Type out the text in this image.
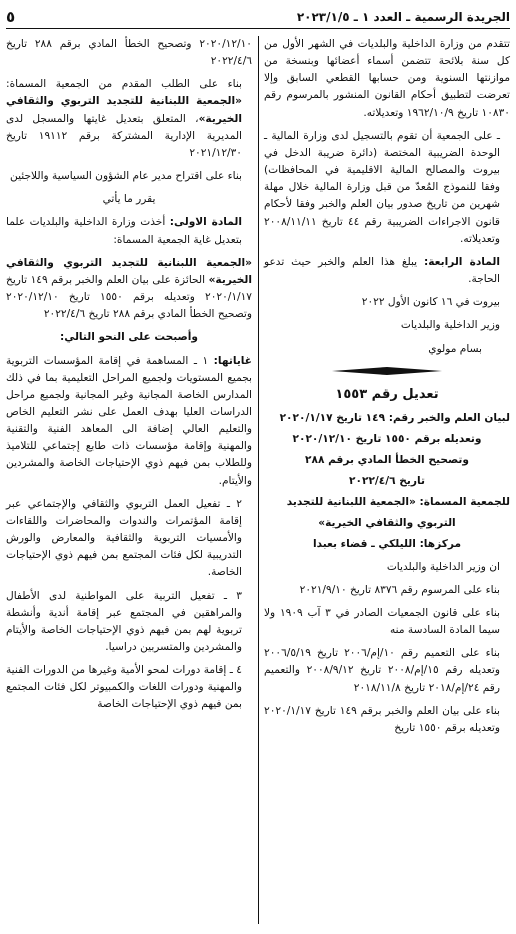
الجريدة الرسمية ـ العدد ١ ـ ٢٠٢٣/١/٥
٥

تتقدم من وزارة الداخلية والبلديات في الشهر الأول من كل سنة بلائحة تتضمن أسماء أعضائها وبنسخة من موازنتها السنوية ومن حسابها القطعي السابق وإلا تعرضت لتطبيق أحكام القانون المنشور بالمرسوم رقم ١٠٨٣٠ تاريخ ١٩٦٢/١٠/٩ وتعديلاته.

ـ على الجمعية أن تقوم بالتسجيل لدى وزارة المالية ـ الوحدة الضريبية المختصة (دائرة ضريبة الدخل في بيروت والمصالح المالية الاقليمية في المحافظات) وفقا للنموذج المُعدّ من قبل وزارة المالية خلال مهلة شهرين من تاريخ صدور بيان العلم والخبر وفقا لأحكام قانون الاجراءات الضريبية رقم ٤٤ تاريخ ٢٠٠٨/١١/١١ وتعديلاته.

المادة الرابعة: يبلغ هذا العلم والخبر حيث تدعو الحاجة.

بيروت في ١٦ كانون الأول ٢٠٢٢

وزير الداخلية والبلديات

بسام مولوي

تعديل رقم ١٥٥٣

لبيان العلم والخبر رقم: ١٤٩ تاريخ ٢٠٢٠/١/١٧

وتعديله برقم ١٥٥٠ تاريخ ٢٠٢٠/١٢/١٠

وتصحيح الخطأ المادي برقم ٢٨٨

تاريخ ٢٠٢٢/٤/٦

للجمعية المسماة: «الجمعية اللبنانية للتجديد

التربوي والثقافي الخيرية»

مركزها: الليلكي ـ قضاء بعبدا

ان وزير الداخلية والبلديات

بناء على المرسوم رقم ٨٣٧٦ تاريخ ٢٠٢١/٩/١٠

بناء على قانون الجمعيات الصادر في ٣ آب ١٩٠٩ ولا سيما المادة السادسة منه

بناء على التعميم رقم ١٠/إم/٢٠٠٦ تاريخ ٢٠٠٦/٥/١٩ وتعديله رقم ١٥/إم/٢٠٠٨ تاريخ ٢٠٠٨/٩/١٢ والتعميم رقم ٢٤/إم/٢٠١٨ تاريخ ٢٠١٨/١١/٨

بناء على بيان العلم والخبر برقم ١٤٩ تاريخ ٢٠٢٠/١/١٧ وتعديله برقم ١٥٥٠ تاريخ

٢٠٢٠/١٢/١٠ وتصحيح الخطأ المادي برقم ٢٨٨ تاريخ ٢٠٢٢/٤/٦

بناء على الطلب المقدم من الجمعية المسماة: «الجمعية اللبنانية للتجديد التربوي والثقافي الخيرية»، المتعلق بتعديل غايتها والمسجل لدى المديرية الإدارية المشتركة برقم ١٩١١٢ تاريخ ٢٠٢١/١٢/٣٠

بناء على اقتراح مدير عام الشؤون السياسية واللاجئين

يقرر ما يأتي

المادة الاولى: أخذت وزارة الداخلية والبلديات علما بتعديل غاية الجمعية المسماة:

«الجمعية اللبنانية للتجديد التربوي والثقافي الخيرية» الحائزة على بيان العلم والخبر برقم ١٤٩ تاريخ ٢٠٢٠/١/١٧ وتعديله برقم ١٥٥٠ تاريخ ٢٠٢٠/١٢/١٠ وتصحيح الخطأ المادي برقم ٢٨٨ تاريخ ٢٠٢٢/٤/٦

وأصبحت على النحو التالي:

غاياتها: ١ ـ المساهمة في إقامة المؤسسات التربوية بجميع المستويات ولجميع المراحل التعليمية بما في ذلك المدارس الخاصة المجانية وغير المجانية ولجميع مراحل الدراسات العليا بهدف العمل على نشر التعليم الخاص والتعليم العالي إضافة الى المعاهد الفنية والتقنية والمهنية وإقامة مؤسسات ذات طابع إجتماعي للتلاميذ وللطلاب بمن فيهم ذوي الإحتياجات الخاصة والمشردين والأيتام.

٢ ـ تفعيل العمل التربوي والثقافي والإجتماعي عبر إقامة المؤتمرات والندوات والمحاضرات واللقاءات والأمسيات التربوية والثقافية والمعارض والورش التدريبية لكل فئات المجتمع بمن فيهم ذوي الإحتياجات الخاصة.

٣ ـ تفعيل التربية على المواطنية لدى الأطفال والمراهقين في المجتمع عبر إقامة أندية وأنشطة تربوية لهم بمن فيهم ذوي الإحتياجات الخاصة والأيتام والمشردين والمتسربين دراسيا.

٤ ـ إقامة دورات لمحو الأمية وغيرها من الدورات الفنية والمهنية ودورات اللغات والكمبيوتر لكل فئات المجتمع بمن فيهم ذوي الإحتياجات الخاصة
